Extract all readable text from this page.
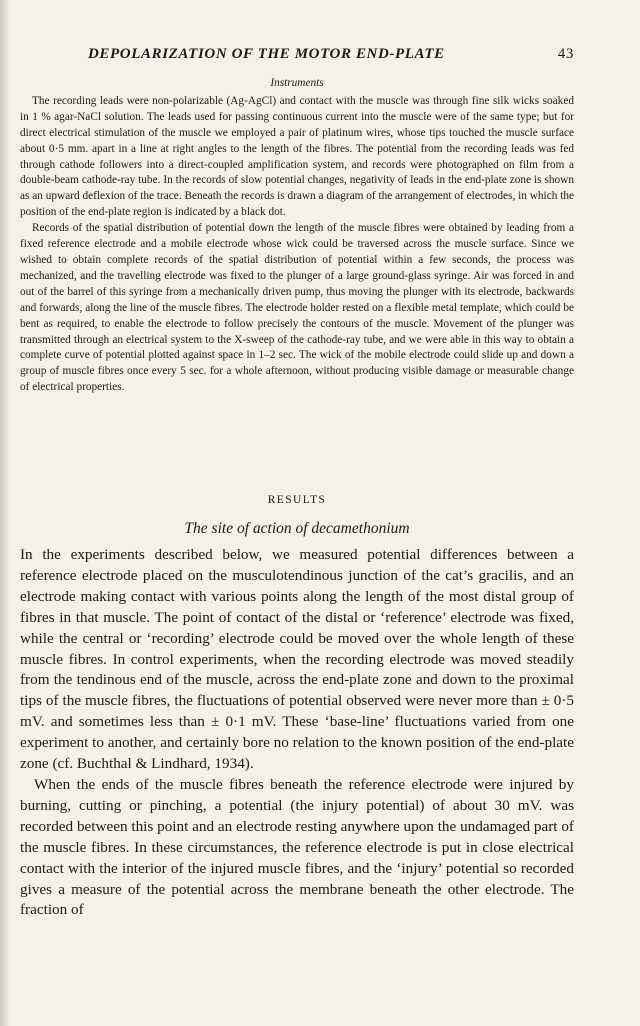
DEPOLARIZATION OF THE MOTOR END-PLATE	43
Instruments

The recording leads were non-polarizable (Ag-AgCl) and contact with the muscle was through fine silk wicks soaked in 1 % agar-NaCl solution. The leads used for passing continuous current into the muscle were of the same type; but for direct electrical stimulation of the muscle we employed a pair of platinum wires, whose tips touched the muscle surface about 0·5 mm. apart in a line at right angles to the length of the fibres. The potential from the recording leads was fed through cathode followers into a direct-coupled amplification system, and records were photographed on film from a double-beam cathode-ray tube. In the records of slow potential changes, negativity of leads in the end-plate zone is shown as an upward deflexion of the trace. Beneath the records is drawn a diagram of the arrangement of electrodes, in which the position of the end-plate region is indicated by a black dot.

Records of the spatial distribution of potential down the length of the muscle fibres were obtained by leading from a fixed reference electrode and a mobile electrode whose wick could be traversed across the muscle surface. Since we wished to obtain complete records of the spatial distribution of potential within a few seconds, the process was mechanized, and the travelling electrode was fixed to the plunger of a large ground-glass syringe. Air was forced in and out of the barrel of this syringe from a mechanically driven pump, thus moving the plunger with its electrode, backwards and forwards, along the line of the muscle fibres. The electrode holder rested on a flexible metal template, which could be bent as required, to enable the electrode to follow precisely the contours of the muscle. Movement of the plunger was transmitted through an electrical system to the X-sweep of the cathode-ray tube, and we were able in this way to obtain a complete curve of potential plotted against space in 1–2 sec. The wick of the mobile electrode could slide up and down a group of muscle fibres once every 5 sec. for a whole afternoon, without producing visible damage or measurable change of electrical properties.

RESULTS
The site of action of decamethonium

In the experiments described below, we measured potential differences between a reference electrode placed on the musculotendinous junction of the cat’s gracilis, and an electrode making contact with various points along the length of the most distal group of fibres in that muscle. The point of contact of the distal or ‘reference’ electrode was fixed, while the central or ‘recording’ electrode could be moved over the whole length of these muscle fibres. In control experiments, when the recording electrode was moved steadily from the tendinous end of the muscle, across the end-plate zone and down to the proximal tips of the muscle fibres, the fluctuations of potential observed were never more than ± 0·5 mV. and sometimes less than ± 0·1 mV. These ‘base-line’ fluctuations varied from one experiment to another, and certainly bore no relation to the known position of the end-plate zone (cf. Buchthal & Lindhard, 1934).

When the ends of the muscle fibres beneath the reference electrode were injured by burning, cutting or pinching, a potential (the injury potential) of about 30 mV. was recorded between this point and an electrode resting anywhere upon the undamaged part of the muscle fibres. In these circumstances, the reference electrode is put in close electrical contact with the interior of the injured muscle fibres, and the ‘injury’ potential so recorded gives a measure of the potential across the membrane beneath the other electrode. The fraction of
